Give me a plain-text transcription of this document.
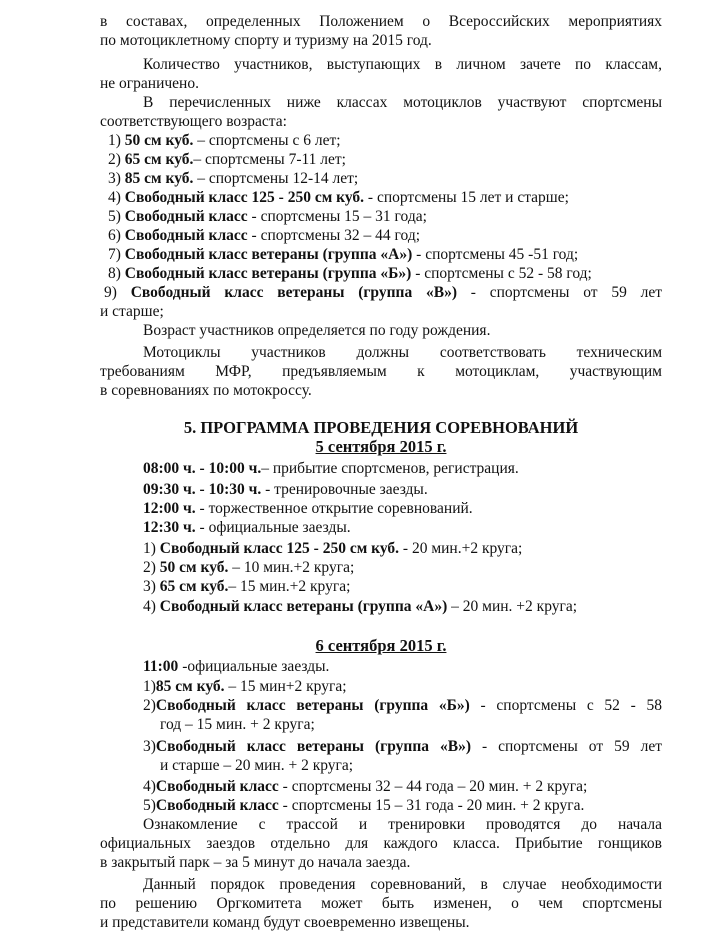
в составах, определенных Положением о Всероссийских мероприятиях
по мотоциклетному спорту и туризму на 2015 год.
Количество участников, выступающих в личном зачете по классам,
не ограничено.
В перечисленных ниже классах мотоциклов участвуют спортсмены
соответствующего возраста:
1) 50 см куб. – спортсмены с 6 лет;
2) 65 см куб.– спортсмены 7-11 лет;
3) 85 см куб. – спортсмены 12-14 лет;
4) Свободный класс 125 - 250 см куб. - спортсмены 15 лет и старше;
5) Свободный класс - спортсмены 15 – 31 года;
6) Свободный класс - спортсмены 32 – 44 год;
7) Свободный класс ветераны (группа «А») - спортсмены 45 -51 год;
8) Свободный класс ветераны (группа «Б») - спортсмены с 52 - 58 год;
9) Свободный класс ветераны (группа «В») - спортсмены от 59 лет
и старше;
Возраст участников определяется по году рождения.
Мотоциклы участников должны соответствовать техническим
требованиям МФР, предъявляемым к мотоциклам, участвующим
в соревнованиях по мотокроссу.
5. ПРОГРАММА ПРОВЕДЕНИЯ СОРЕВНОВАНИЙ
5 сентября 2015 г.
08:00 ч. - 10:00 ч.– прибытие спортсменов, регистрация.
09:30 ч. - 10:30 ч. - тренировочные заезды.
12:00 ч. - торжественное открытие соревнований.
12:30 ч. - официальные заезды.
1) Свободный класс 125 - 250 см куб. - 20 мин.+2 круга;
2) 50 см куб. – 10 мин.+2 круга;
3) 65 см куб.– 15 мин.+2 круга;
4) Свободный класс ветераны (группа «А») – 20 мин. +2 круга;
6 сентября 2015 г.
11:00 -официальные заезды.
1)85 см куб. – 15 мин+2 круга;
2)Свободный класс ветераны (группа «Б») - спортсмены с 52 - 58
год – 15 мин. + 2 круга;
3)Свободный класс ветераны (группа «В») - спортсмены от 59 лет
и старше – 20 мин. + 2 круга;
4)Свободный класс - спортсмены 32 – 44 года – 20 мин. + 2 круга;
5)Свободный класс - спортсмены 15 – 31 года - 20 мин. + 2 круга.
Ознакомление с трассой и тренировки проводятся до начала
официальных заездов отдельно для каждого класса. Прибытие гонщиков
в закрытый парк – за 5 минут до начала заезда.
Данный порядок проведения соревнований, в случае необходимости
по решению Оргкомитета может быть изменен, о чем спортсмены
и представители команд будут своевременно извещены.
